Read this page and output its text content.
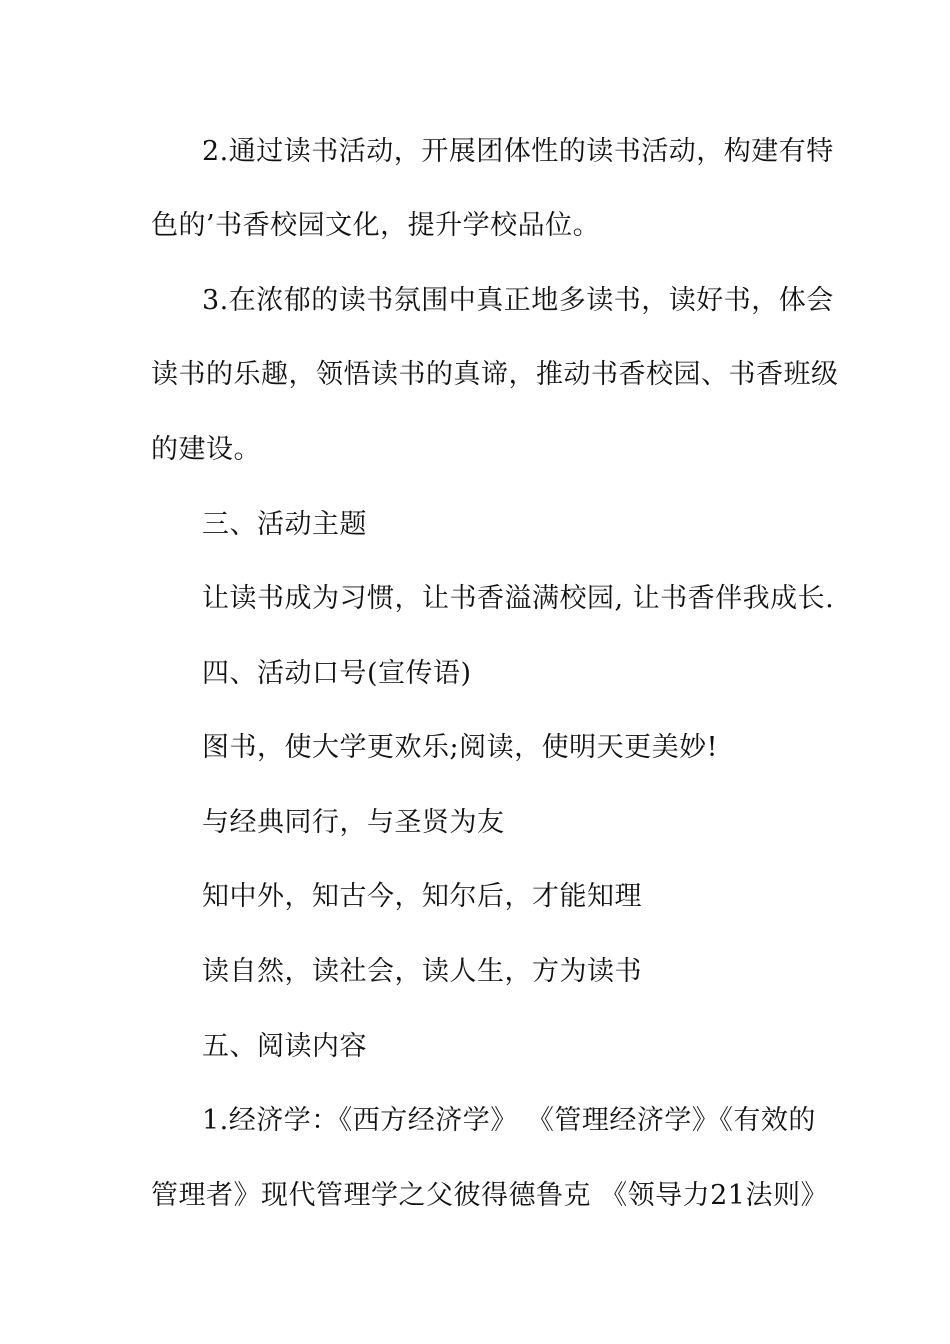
2.通过读书活动，开展团体性的读书活动，构建有特
色的’书香校园文化，提升学校品位。
3.在浓郁的读书氛围中真正地多读书，读好书，体会
读书的乐趣，领悟读书的真谛，推动书香校园、书香班级
的建设。
三、活动主题
让读书成为习惯，让书香溢满校园, 让书香伴我成长.
四、活动口号(宣传语)
图书，使大学更欢乐;阅读，使明天更美妙!
与经典同行，与圣贤为友
知中外，知古今，知尔后，才能知理
读自然，读社会，读人生，方为读书
五、阅读内容
1.经济学：《西方经济学》 《管理经济学》《有效的
管理者》现代管理学之父彼得德鲁克 《领导力21法则》
